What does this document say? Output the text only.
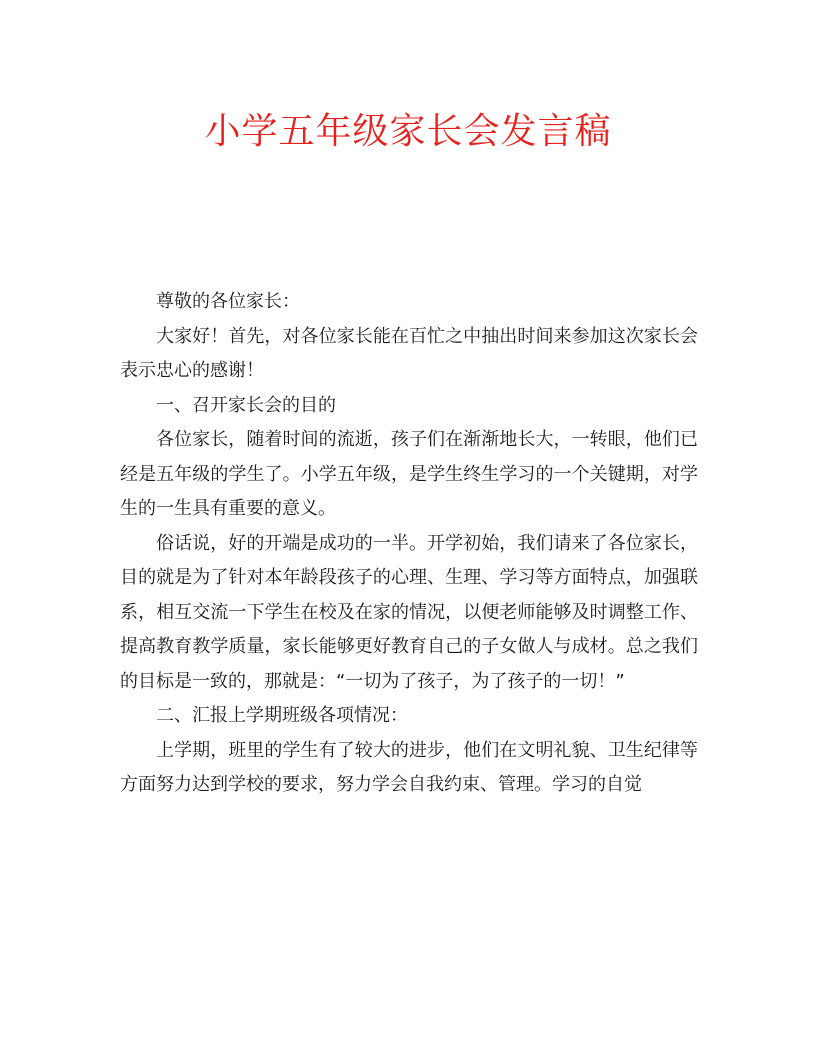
小学五年级家长会发言稿

尊敬的各位家长：

大家好！首先，对各位家长能在百忙之中抽出时间来参加这次家长会表示忠心的感谢！

一、召开家长会的目的

各位家长，随着时间的流逝，孩子们在渐渐地长大，一转眼，他们已经是五年级的学生了。小学五年级，是学生终生学习的一个关键期，对学生的一生具有重要的意义。

俗话说，好的开端是成功的一半。开学初始，我们请来了各位家长，目的就是为了针对本年龄段孩子的心理、生理、学习等方面特点，加强联系，相互交流一下学生在校及在家的情况，以便老师能够及时调整工作、提高教育教学质量，家长能够更好教育自己的子女做人与成材。总之我们的目标是一致的，那就是：“一切为了孩子，为了孩子的一切！”

二、汇报上学期班级各项情况：

上学期，班里的学生有了较大的进步，他们在文明礼貌、卫生纪律等方面努力达到学校的要求，努力学会自我约束、管理。学习的自觉
